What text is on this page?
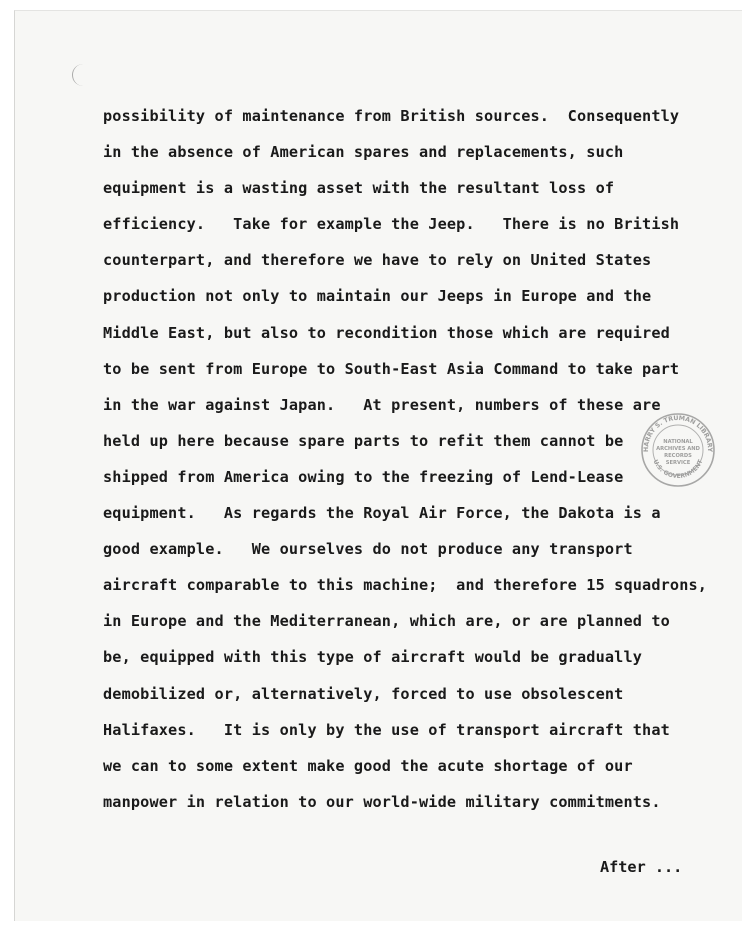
possibility of maintenance from British sources.  Consequently
in the absence of American spares and replacements, such
equipment is a wasting asset with the resultant loss of
efficiency.   Take for example the Jeep.   There is no British
counterpart, and therefore we have to rely on United States
production not only to maintain our Jeeps in Europe and the
Middle East, but also to recondition those which are required
to be sent from Europe to South-East Asia Command to take part
in the war against Japan.   At present, numbers of these are
held up here because spare parts to refit them cannot be
shipped from America owing to the freezing of Lend-Lease
equipment.   As regards the Royal Air Force, the Dakota is a
good example.   We ourselves do not produce any transport
aircraft comparable to this machine;  and therefore 15 squadrons,
in Europe and the Mediterranean, which are, or are planned to
be, equipped with this type of aircraft would be gradually
demobilized or, alternatively, forced to use obsolescent
Halifaxes.   It is only by the use of transport aircraft that
we can to some extent make good the acute shortage of our
manpower in relation to our world-wide military commitments.
After ...
HARRY S. TRUMAN LIBRARY
U.S. GOVERNMENT
NATIONAL
ARCHIVES AND
RECORDS
SERVICE
